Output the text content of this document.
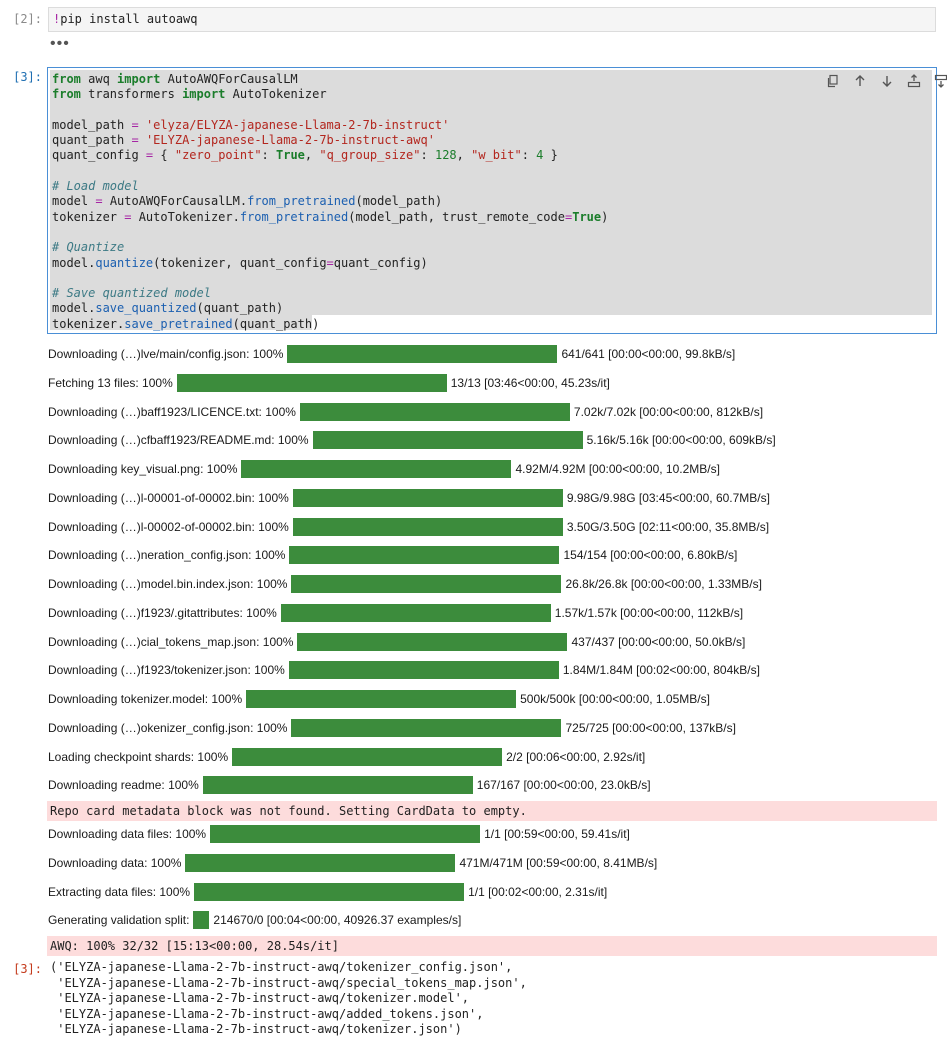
[2]: !pip install autoawq
•••
[3]: from awq import AutoAWQForCausalLM
from transformers import AutoTokenizer

model_path = 'elyza/ELYZA-japanese-Llama-2-7b-instruct'
quant_path = 'ELYZA-japanese-Llama-2-7b-instruct-awq'
quant_config = { "zero_point": True, "q_group_size": 128, "w_bit": 4 }

# Load model
model = AutoAWQForCausalLM.from_pretrained(model_path)
tokenizer = AutoTokenizer.from_pretrained(model_path, trust_remote_code=True)

# Quantize
model.quantize(tokenizer, quant_config=quant_config)

# Save quantized model
model.save_quantized(quant_path)
tokenizer.save_pretrained(quant_path)
Downloading (…)lve/main/config.json: 100%	641/641 [00:00<00:00, 99.8kB/s]
Fetching 13 files: 100%	13/13 [03:46<00:00, 45.23s/it]
Downloading (…)baff1923/LICENCE.txt: 100%	7.02k/7.02k [00:00<00:00, 812kB/s]
Downloading (…)cfbaff1923/README.md: 100%	5.16k/5.16k [00:00<00:00, 609kB/s]
Downloading key_visual.png: 100%	4.92M/4.92M [00:00<00:00, 10.2MB/s]
Downloading (…)l-00001-of-00002.bin: 100%	9.98G/9.98G [03:45<00:00, 60.7MB/s]
Downloading (…)l-00002-of-00002.bin: 100%	3.50G/3.50G [02:11<00:00, 35.8MB/s]
Downloading (…)neration_config.json: 100%	154/154 [00:00<00:00, 6.80kB/s]
Downloading (…)model.bin.index.json: 100%	26.8k/26.8k [00:00<00:00, 1.33MB/s]
Downloading (…)f1923/.gitattributes: 100%	1.57k/1.57k [00:00<00:00, 112kB/s]
Downloading (…)cial_tokens_map.json: 100%	437/437 [00:00<00:00, 50.0kB/s]
Downloading (…)f1923/tokenizer.json: 100%	1.84M/1.84M [00:02<00:00, 804kB/s]
Downloading tokenizer.model: 100%	500k/500k [00:00<00:00, 1.05MB/s]
Downloading (…)okenizer_config.json: 100%	725/725 [00:00<00:00, 137kB/s]
Loading checkpoint shards: 100%	2/2 [00:06<00:00, 2.92s/it]
Downloading readme: 100%	167/167 [00:00<00:00, 23.0kB/s]
Repo card metadata block was not found. Setting CardData to empty.
Downloading data files: 100%	1/1 [00:59<00:00, 59.41s/it]
Downloading data: 100%	471M/471M [00:59<00:00, 8.41MB/s]
Extracting data files: 100%	1/1 [00:02<00:00, 2.31s/it]
Generating validation split: 214670/0 [00:04<00:00, 40926.37 examples/s]
AWQ: 100% 32/32 [15:13<00:00, 28.54s/it]
[3]: ('ELYZA-japanese-Llama-2-7b-instruct-awq/tokenizer_config.json',
'ELYZA-japanese-Llama-2-7b-instruct-awq/special_tokens_map.json',
'ELYZA-japanese-Llama-2-7b-instruct-awq/tokenizer.model',
'ELYZA-japanese-Llama-2-7b-instruct-awq/added_tokens.json',
'ELYZA-japanese-Llama-2-7b-instruct-awq/tokenizer.json')
